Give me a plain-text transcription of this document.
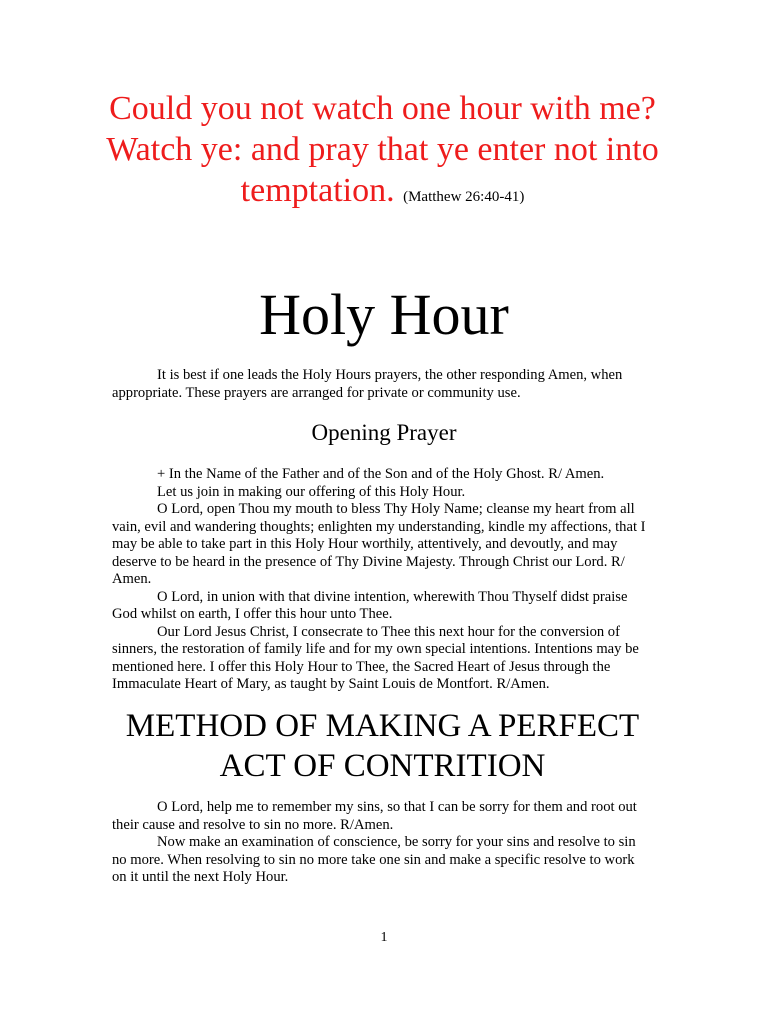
Could you not watch one hour with me? Watch ye: and pray that ye enter not into temptation. (Matthew 26:40-41)
Holy Hour

It is best if one leads the Holy Hours prayers, the other responding Amen, when appropriate. These prayers are arranged for private or community use.

Opening Prayer

+ In the Name of the Father and of the Son and of the Holy Ghost. R/ Amen.

Let us join in making our offering of this Holy Hour.

O Lord, open Thou my mouth to bless Thy Holy Name; cleanse my heart from all vain, evil and wandering thoughts; enlighten my understanding, kindle my affections, that I may be able to take part in this Holy Hour worthily, attentively, and devoutly, and may deserve to be heard in the presence of Thy Divine Majesty. Through Christ our Lord. R/ Amen.

O Lord, in union with that divine intention, wherewith Thou Thyself didst praise God whilst on earth, I offer this hour unto Thee.

Our Lord Jesus Christ, I consecrate to Thee this next hour for the conversion of sinners, the restoration of family life and for my own special intentions. Intentions may be mentioned here. I offer this Holy Hour to Thee, the Sacred Heart of Jesus through the Immaculate Heart of Mary, as taught by Saint Louis de Montfort. R/Amen.

METHOD OF MAKING A PERFECT ACT OF CONTRITION

O Lord, help me to remember my sins, so that I can be sorry for them and root out their cause and resolve to sin no more. R/Amen.

Now make an examination of conscience, be sorry for your sins and resolve to sin no more. When resolving to sin no more take one sin and make a specific resolve to work on it until the next Holy Hour.

1
